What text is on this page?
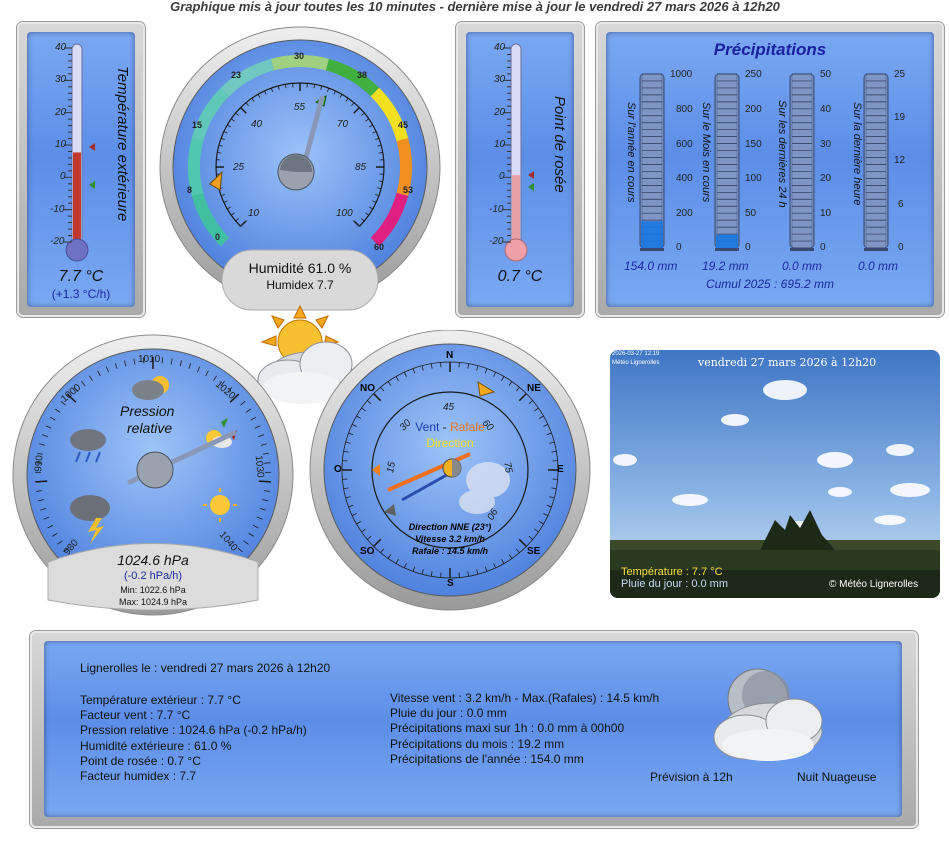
Graphique mis à jour toutes les 10 minutes - dernière mise à jour le vendredi 27 mars 2026 à 12h20
40
30
20
10
0
-10
-20
Température extérieure
7.7 °C
(+1.3 °C/h)
0
8
15
23
30
38
45
53
60
10
25
40
55
70
85
100
Humidité 61.0 %
Humidex 7.7
40
30
20
10
0
-10
-20
Point de rosée
0.7 °C
Précipitations
Sur l'année en cours
1000
800
600
400
200
0
154.0 mm
Sur le Mois en cours
250
200
150
100
50
0
19.2 mm
Sur les dernières 24 h
50
40
30
20
10
0
0.0 mm
Sur la dernière heure
25
19
12
6
0
0.0 mm
Cumul 2025 : 695.2 mm
980
990
1000
1010
1020
1030
1040
Pression
relative
1024.6 hPa
(-0.2 hPa/h)
Min: 1022.6 hPa
Max: 1024.9 hPa
N
NE
E
SE
S
SO
O
NO
15
30
45
60
75
90
Vent - Rafale
Direction
Direction NNE (23°)
Vitesse 3.2 km/h
Rafale : 14.5 km/h
2026-03-27 12:19
Météo Lignerolles	vendredi 27 mars 2026 à 12h20
Température : 7.7 °C
Pluie du jour : 0.0 mm	© Météo Lignerolles
Lignerolles le : vendredi 27 mars 2026 à 12h20
Température extérieur : 7.7 °C
Facteur vent : 7.7 °C
Pression relative : 1024.6 hPa (-0.2 hPa/h)
Humidité extérieure : 61.0 %
Point de rosée : 0.7 °C
Facteur humidex : 7.7
Vitesse vent : 3.2 km/h - Max.(Rafales) : 14.5 km/h
Pluie du jour : 0.0 mm
Précipitations maxi sur 1h : 0.0 mm à 00h00
Précipitations du mois : 19.2 mm
Précipitations de l'année : 154.0 mm
Prévision à 12h	Nuit Nuageuse
